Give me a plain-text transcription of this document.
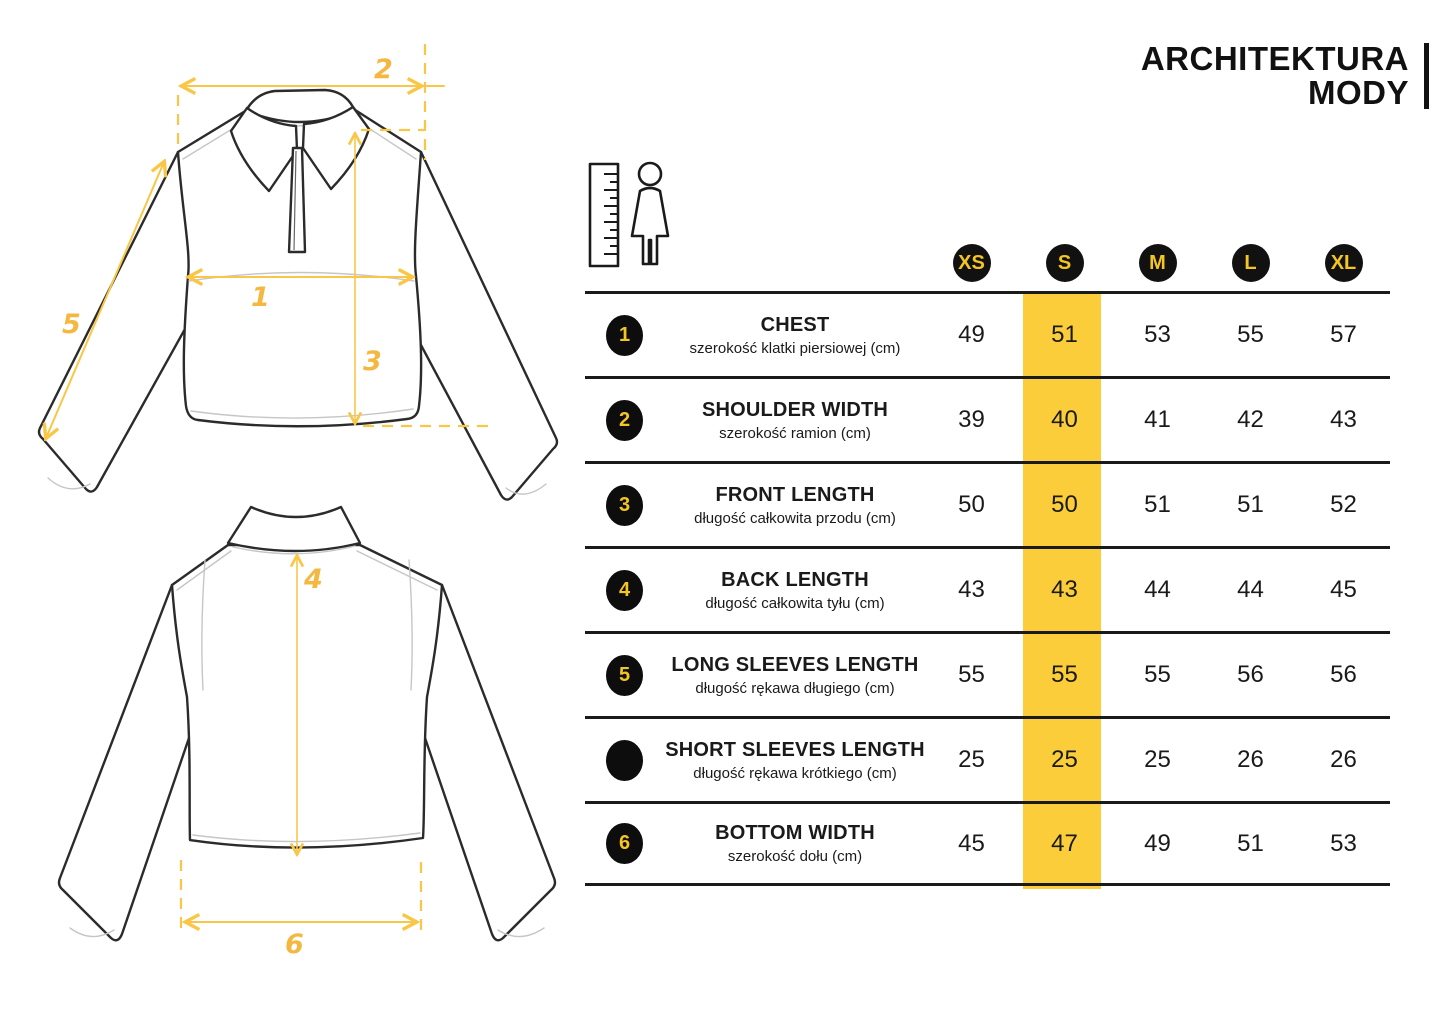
2
5
1
3
4
6
ARCHITEKTURA
MODY
XS	S	M	L	XL
1	CHEST
szerokość klatki piersiowej (cm)	49	51	53	55	57
2	SHOULDER WIDTH
szerokość ramion (cm)	39	40	41	42	43
3	FRONT LENGTH
długość całkowita przodu (cm)	50	50	51	51	52
4	BACK LENGTH
długość całkowita tyłu (cm)	43	43	44	44	45
5	LONG SLEEVES LENGTH
długość rękawa długiego (cm)	55	55	55	56	56
SHORT SLEEVES LENGTH
długość rękawa krótkiego (cm)	25	25	25	26	26
6	BOTTOM WIDTH
szerokość dołu (cm)	45	47	49	51	53
